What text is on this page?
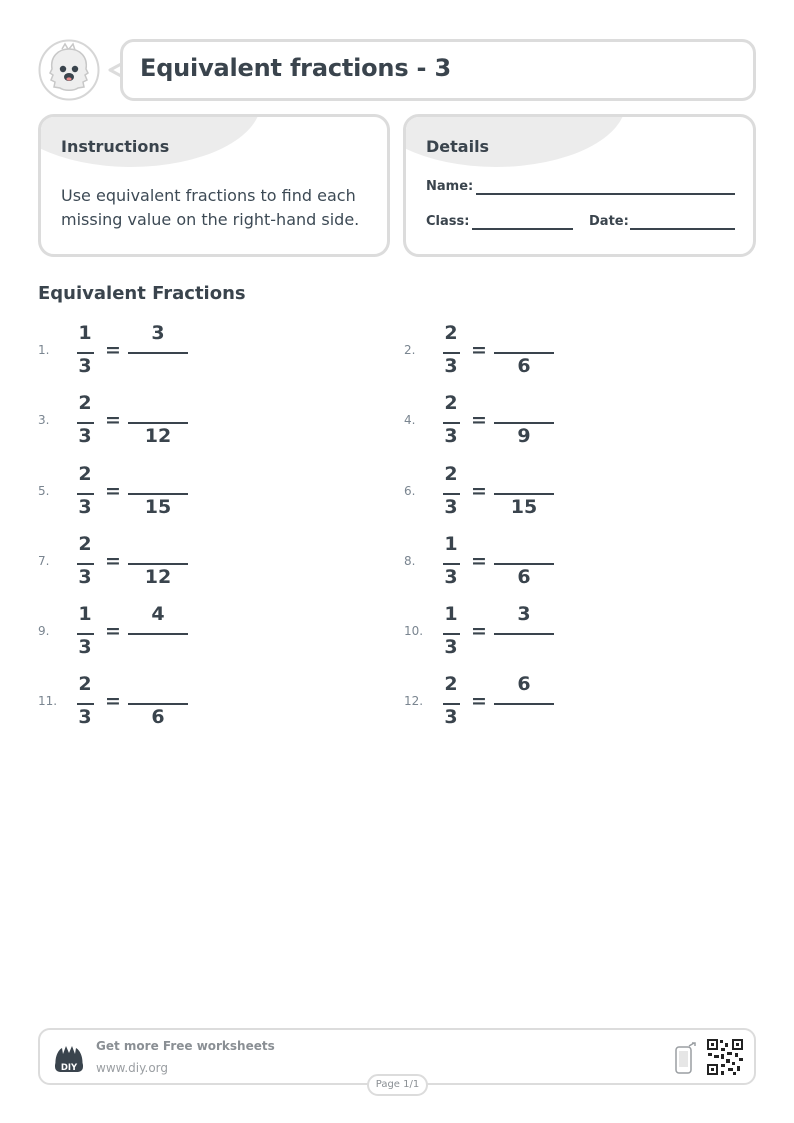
Equivalent fractions - 3
Instructions
Use equivalent fractions to find each missing value on the right-hand side.
Details
Name:
Class:	Date:
Equivalent Fractions
1.
1
3
=
3
2.
2
3
=
6
3.
2
3
=
12
4.
2
3
=
9
5.
2
3
=
15
6.
2
3
=
15
7.
2
3
=
12
8.
1
3
=
6
9.
1
3
=
4
10.
1
3
=
3
11.
2
3
=
6
12.
2
3
=
6
DIY
Get more Free worksheets
www.diy.org
Page 1/1
